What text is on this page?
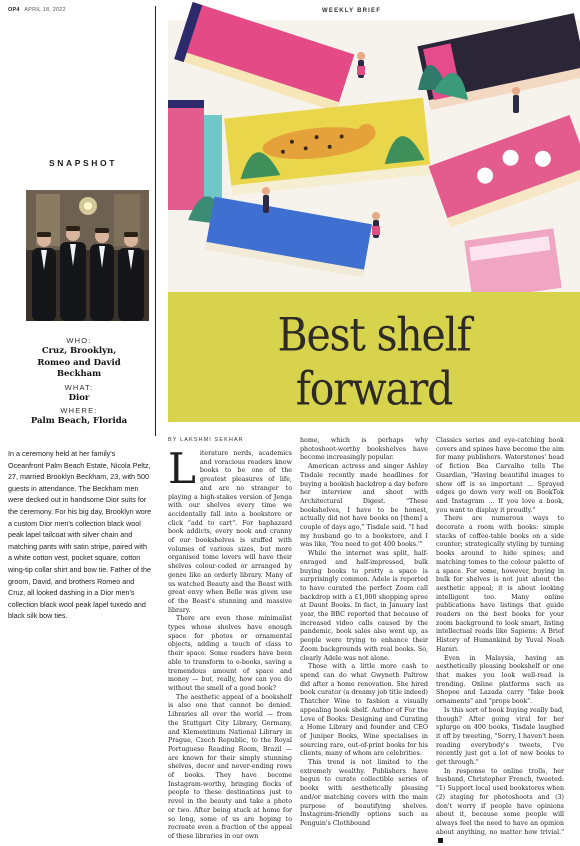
OP4 APRIL 18, 2022	WEEKLY BRIEF
SNAPSHOT
WHO:
Cruz, Brooklyn,
Romeo and David
Beckham
WHAT:
Dior
WHERE:
Palm Beach, Florida
In a ceremony held at her family's Oceanfront Palm Beach Estate, Nicola Peltz, 27, married Brooklyn Beckham, 23, with 500 guests in attendance. The Beckham men were decked out in handsome Dior suits for the ceremony. For his big day, Brooklyn wore a custom Dior men's collection black wool peak lapel tailcoat with silver chain and matching pants with satin stripe, paired with a white cotton vest, pocket square, cotton wing-tip collar shirt and bow tie. Father of the groom, David, and brothers Romeo and Cruz, all looked dashing in a Dior men's collection black wool peak lapel tuxedo and black silk bow ties.
Best shelf
forward
BY LAKSHMI SEKHAR

Literature nerds, academics and voracious readers know books to be one of the greatest pleasures of life, and are no stranger to playing a high-stakes version of Jenga with our shelves every time we accidentally fall into a bookstore or click "add to cart". For haphazard book addicts, every nook and cranny of our bookshelves is stuffed with volumes of various sizes, but more organised tome lovers will have their shelves colour-coded or arranged by genre like an orderly library. Many of us watched Beauty and the Beast with great envy when Belle was given use of the Beast's stunning and massive library.

There are even those minimalist types whose shelves have enough space for photos or ornamental objects, adding a touch of class to their space. Some readers have been able to transform to e-books, saving a tremendous amount of space and money — but, really, how can you do without the smell of a good book?

The aesthetic appeal of a bookshelf is also one that cannot be denied. Libraries all over the world — from the Stuttgart City Library, Germany, and Klementinum National Library in Prague, Czech Republic, to the Royal Portuguese Reading Room, Brazil — are known for their simply stunning shelves, decor and never-ending rows of books. They have become Instagram-worthy, bringing flocks of people to these destinations just to revel in the beauty and take a photo or two. After being stuck at home for so long, some of us are hoping to recreate even a fraction of the appeal of these libraries in our own

home, which is perhaps why photoshoot-worthy bookshelves have become increasingly popular.

American actress and singer Ashley Tisdale recently made headlines for buying a bookish backdrop a day before her interview and shoot with Architectural Digest. "These bookshelves, I have to be honest, actually did not have books on [them] a couple of days ago," Tisdale said. "I had my husband go to a bookstore, and I was like, 'You need to get 400 books.'"

While the internet was split, half-enraged and half-impressed, bulk buying books to pretty a space is surprisingly common. Adele is reported to have curated the perfect Zoom call backdrop with a £1,000 shopping spree at Daunt Books. In fact, in January last year, the BBC reported that because of increased video calls caused by the pandemic, book sales also went up, as people were trying to enhance their Zoom backgrounds with real books. So, clearly Adele was not alone.

Those with a little more cash to spend can do what Gwyneth Paltrow did after a home renovation. She hired book curator (a dreamy job title indeed) Thatcher Wine to fashion a visually appealing book shelf. Author of For the Love of Books: Designing and Curating a Home Library and founder and CEO of Juniper Books, Wine specialises in sourcing rare, out-of-print books for his clients, many of whom are celebrities.

This trend is not limited to the extremely wealthy. Publishers have begun to curate collectible series of books with aesthetically pleasing and/or matching covers with the main purpose of beautifying shelves. Instagram-friendly options such as Penguin's Clothbound

Classics series and eye-catching book covers and spines have become the aim for many publishers. Waterstones' head of fiction Bea Carvalho tells The Guardian, "Having beautiful images to show off is so important ... Sprayed edges go down very well on BookTok and Instagram ... If you love a book, you want to display it proudly."

There are numerous ways to decorate a room with books: simple stacks of coffee-table books on a side counter; strategically styling by turning books around to hide spines; and matching tomes to the colour palette of a space. For some, however, buying in bulk for shelves is not just about the aesthetic appeal; it is about looking intelligent too. Many online publications have listings that guide readers on the best books for your zoom background to look smart, listing intellectual reads like Sapiens: A Brief History of Humankind by Yuval Noah Harari.

Even in Malaysia, having an aesthetically pleasing bookshelf or one that makes you look well-read is trending. Online platforms such as Shopee and Lazada carry "fake book ornaments" and "props book".

Is this sort of book buying really bad, though? After going viral for her splurge on 400 books, Tisdale laughed it off by tweeting, "Sorry, I haven't been reading everybody's tweets, I've recently just got a lot of new books to get through."

In response to online trolls, her husband, Christopher French, tweeted: "1) Support local used bookstores when (2) staging for photoshoots and (3) don't worry if people have opinions about it, because some people will always feel the need to have an opinion about anything, no matter how trivial."
